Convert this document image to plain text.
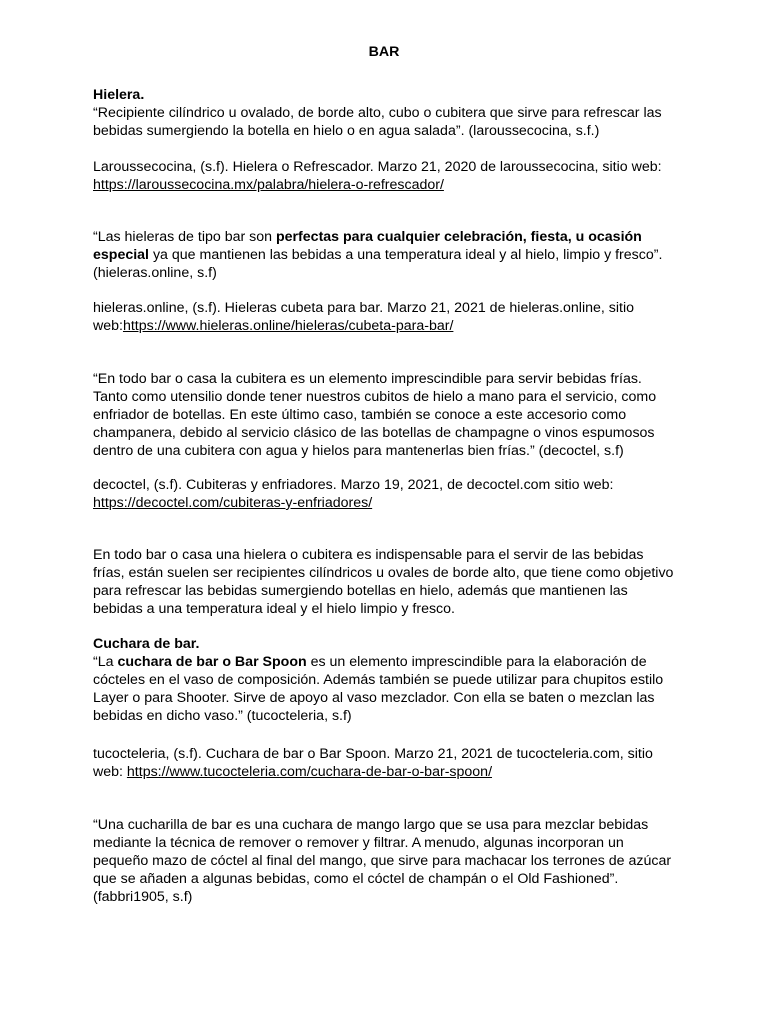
BAR
Hielera.
“Recipiente cilíndrico u ovalado, de borde alto, cubo o cubitera que sirve para refrescar las
bebidas sumergiendo la botella en hielo o en agua salada”. (laroussecocina, s.f.)
Laroussecocina, (s.f). Hielera o Refrescador. Marzo 21, 2020 de laroussecocina, sitio web:
https://laroussecocina.mx/palabra/hielera-o-refrescador/
“Las hieleras de tipo bar son perfectas para cualquier celebración, fiesta, u ocasión
especial ya que mantienen las bebidas a una temperatura ideal y al hielo, limpio y fresco”.
(hieleras.online, s.f)
hieleras.online, (s.f). Hieleras cubeta para bar. Marzo 21, 2021 de hieleras.online, sitio
web:https://www.hieleras.online/hieleras/cubeta-para-bar/
“En todo bar o casa la cubitera es un elemento imprescindible para servir bebidas frías.
Tanto como utensilio donde tener nuestros cubitos de hielo a mano para el servicio, como
enfriador de botellas. En este último caso, también se conoce a este accesorio como
champanera, debido al servicio clásico de las botellas de champagne o vinos espumosos
dentro de una cubitera con agua y hielos para mantenerlas bien frías.” (decoctel, s.f)
decoctel, (s.f). Cubiteras y enfriadores. Marzo 19, 2021, de decoctel.com sitio web:
https://decoctel.com/cubiteras-y-enfriadores/
En todo bar o casa una hielera o cubitera es indispensable para el servir de las bebidas
frías, están suelen ser recipientes cilíndricos u ovales de borde alto, que tiene como objetivo
para refrescar las bebidas sumergiendo botellas en hielo, además que mantienen las
bebidas a una temperatura ideal y el hielo limpio y fresco.
Cuchara de bar.
“La cuchara de bar o Bar Spoon es un elemento imprescindible para la elaboración de
cócteles en el vaso de composición. Además también se puede utilizar para chupitos estilo
Layer o para Shooter. Sirve de apoyo al vaso mezclador. Con ella se baten o mezclan las
bebidas en dicho vaso.” (tucocteleria, s.f)
tucocteleria, (s.f). Cuchara de bar o Bar Spoon. Marzo 21, 2021 de tucocteleria.com, sitio
web: https://www.tucocteleria.com/cuchara-de-bar-o-bar-spoon/
“Una cucharilla de bar es una cuchara de mango largo que se usa para mezclar bebidas
mediante la técnica de remover o remover y filtrar. A menudo, algunas incorporan un
pequeño mazo de cóctel al final del mango, que sirve para machacar los terrones de azúcar
que se añaden a algunas bebidas, como el cóctel de champán o el Old Fashioned”.
(fabbri1905, s.f)
